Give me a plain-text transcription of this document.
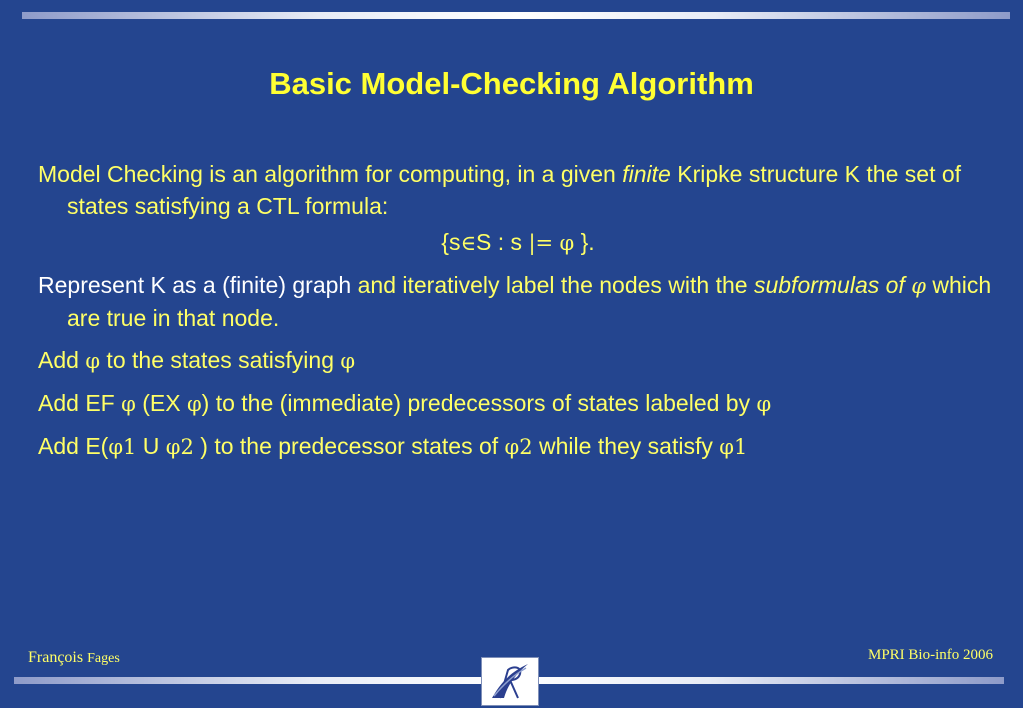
Basic Model-Checking Algorithm

Model Checking is an algorithm for computing, in a given finite Kripke structure K the set of states satisfying a CTL formula:

{s∈S : s |= φ }.

Represent K as a (finite) graph and iteratively label the nodes with the subformulas of φ which are true in that node.

Add φ to the states satisfying φ

Add EF φ (EX φ) to the (immediate) predecessors of states labeled by φ

Add E(φ1 U φ2 ) to the predecessor states of φ2 while they satisfy φ1

François Fages	MPRI Bio-info 2006
